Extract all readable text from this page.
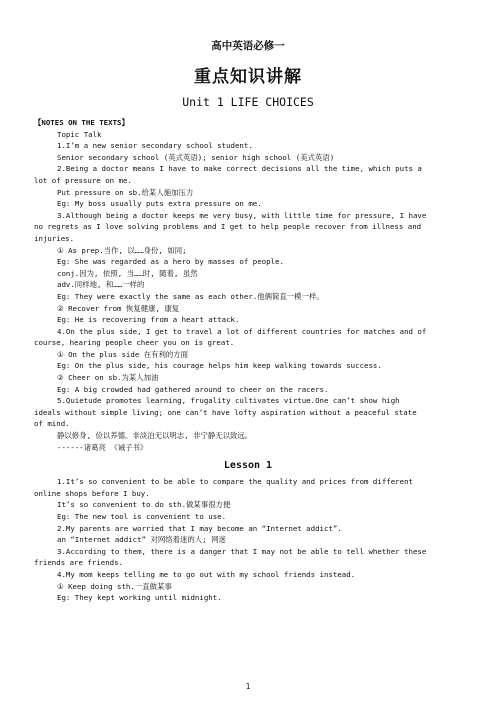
高中英语必修一
重点知识讲解
Unit 1 LIFE CHOICES
【NOTES ON THE TEXTS】
Topic Talk
1.I’m a new senior secondary school student.
Senior secondary school (英式英语); senior high school (美式英语)
2.Being a doctor means I have to make correct decisions all the time, which puts a
lot of pressure on me.
Put pressure on sb.给某人施加压力
Eg: My boss usually puts extra pressure on me.
3.Although being a doctor keeps me very busy, with little time for pressure, I have
no regrets as I love solving problems and I get to help people recover from illness and
injuries.
① As prep.当作, 以……身份, 如同;
Eg: She was regarded as a hero by masses of people.
conj.因为, 依照, 当……时, 随着, 虽然
adv.同样地, 和……一样的
Eg: They were exactly the same as each other.他俩简直一模一样。
② Recover from 恢复健康, 康复
Eg: He is recovering from a heart attack.
4.On the plus side, I get to travel a lot of different countries for matches and of
course, hearing people cheer you on is great.
① On the plus side 在有利的方面
Eg: On the plus side, his courage helps him keep walking towards success.
② Cheer on sb.为某人加油
Eg: A big crowded had gathered around to cheer on the racers.
5.Quietude promotes learning, frugality cultivates virtue.One can’t show high
ideals without simple living; one can’t have lofty aspiration without a peaceful state
of mind.
静以修身, 俭以养德。非淡泊无以明志, 非宁静无以致远。
------诸葛亮 《诫子书》
Lesson 1
1.It’s so convenient to be able to compare the quality and prices from different
online shops before I buy.
It’s so convenient to do sth.做某事很方便
Eg: The new tool is convenient to use.
2.My parents are worried that I may become an “Internet addict”.
an “Internet addict” 对网络着迷的人; 网迷
3.According to them, there is a danger that I may not be able to tell whether these
friends are friends.
4.My mom keeps telling me to go out with my school friends instead.
① Keep doing sth.一直做某事
Eg: They kept working until midnight.
1
